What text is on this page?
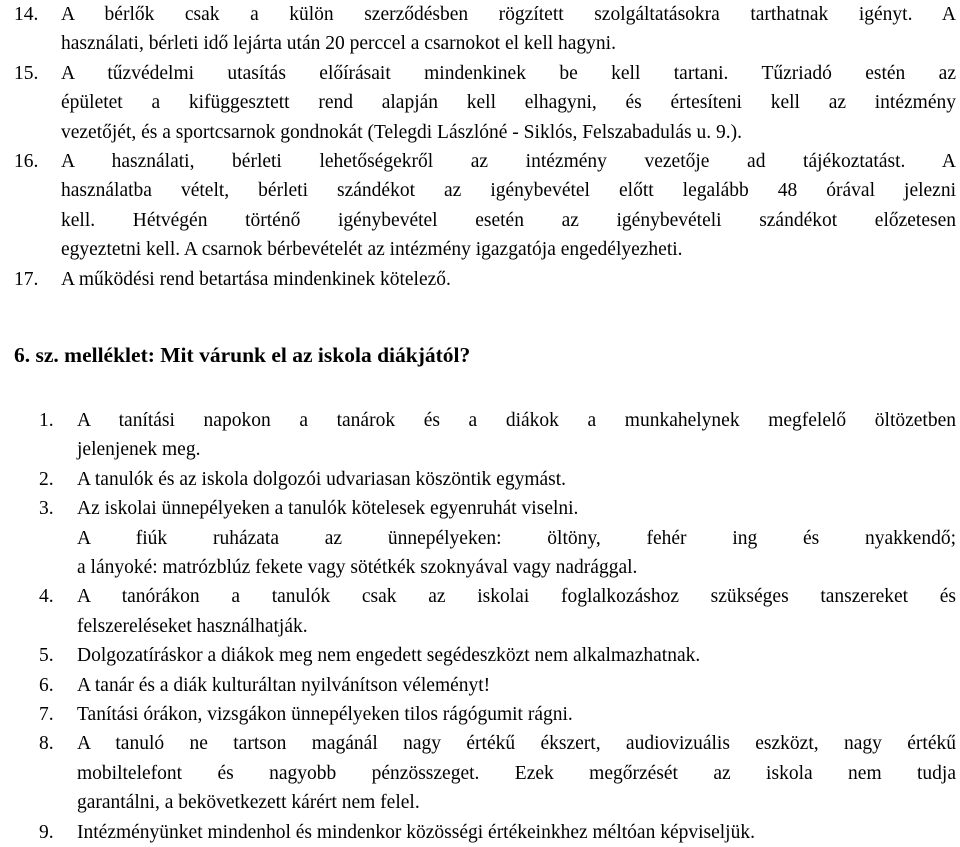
14. A bérlők csak a külön szerződésben rögzített szolgáltatásokra tarthatnak igényt. A
használati, bérleti idő lejárta után 20 perccel a csarnokot el kell hagyni.
15. A tűzvédelmi utasítás előírásait mindenkinek be kell tartani. Tűzriadó estén az
épületet a kifüggesztett rend alapján kell elhagyni, és értesíteni kell az intézmény
vezetőjét, és a sportcsarnok gondnokát (Telegdi Lászlóné - Siklós, Felszabadulás u. 9.).
16. A használati, bérleti lehetőségekről az intézmény vezetője ad tájékoztatást. A
használatba vételt, bérleti szándékot az igénybevétel előtt legalább 48 órával jelezni
kell. Hétvégén történő igénybevétel esetén az igénybevételi szándékot előzetesen
egyeztetni kell. A csarnok bérbevételét az intézmény igazgatója engedélyezheti.
17. A működési rend betartása mindenkinek kötelező.
6. sz. melléklet: Mit várunk el az iskola diákjától?
1. A tanítási napokon a tanárok és a diákok a munkahelynek megfelelő öltözetben
jelenjenek meg.
2. A tanulók és az iskola dolgozói udvariasan köszöntik egymást.
3. Az iskolai ünnepélyeken a tanulók kötelesek egyenruhát viselni.
A fiúk ruházata az ünnepélyeken: öltöny, fehér ing és nyakkendő;
a lányoké: matrózblúz fekete vagy sötétkék szoknyával vagy nadrággal.
4. A tanórákon a tanulók csak az iskolai foglalkozáshoz szükséges tanszereket és
felszereléseket használhatják.
5. Dolgozatíráskor a diákok meg nem engedett segédeszközt nem alkalmazhatnak.
6. A tanár és a diák kulturáltan nyilvánítson véleményt!
7. Tanítási órákon, vizsgákon ünnepélyeken tilos rágógumit rágni.
8. A tanuló ne tartson magánál nagy értékű ékszert, audiovizuális eszközt, nagy értékű
mobiltelefont és nagyobb pénzösszeget. Ezek megőrzését az iskola nem tudja
garantálni, a bekövetkezett kárért nem felel.
9. Intézményünket mindenhol és mindenkor közösségi értékeinkhez méltóan képviseljük.
